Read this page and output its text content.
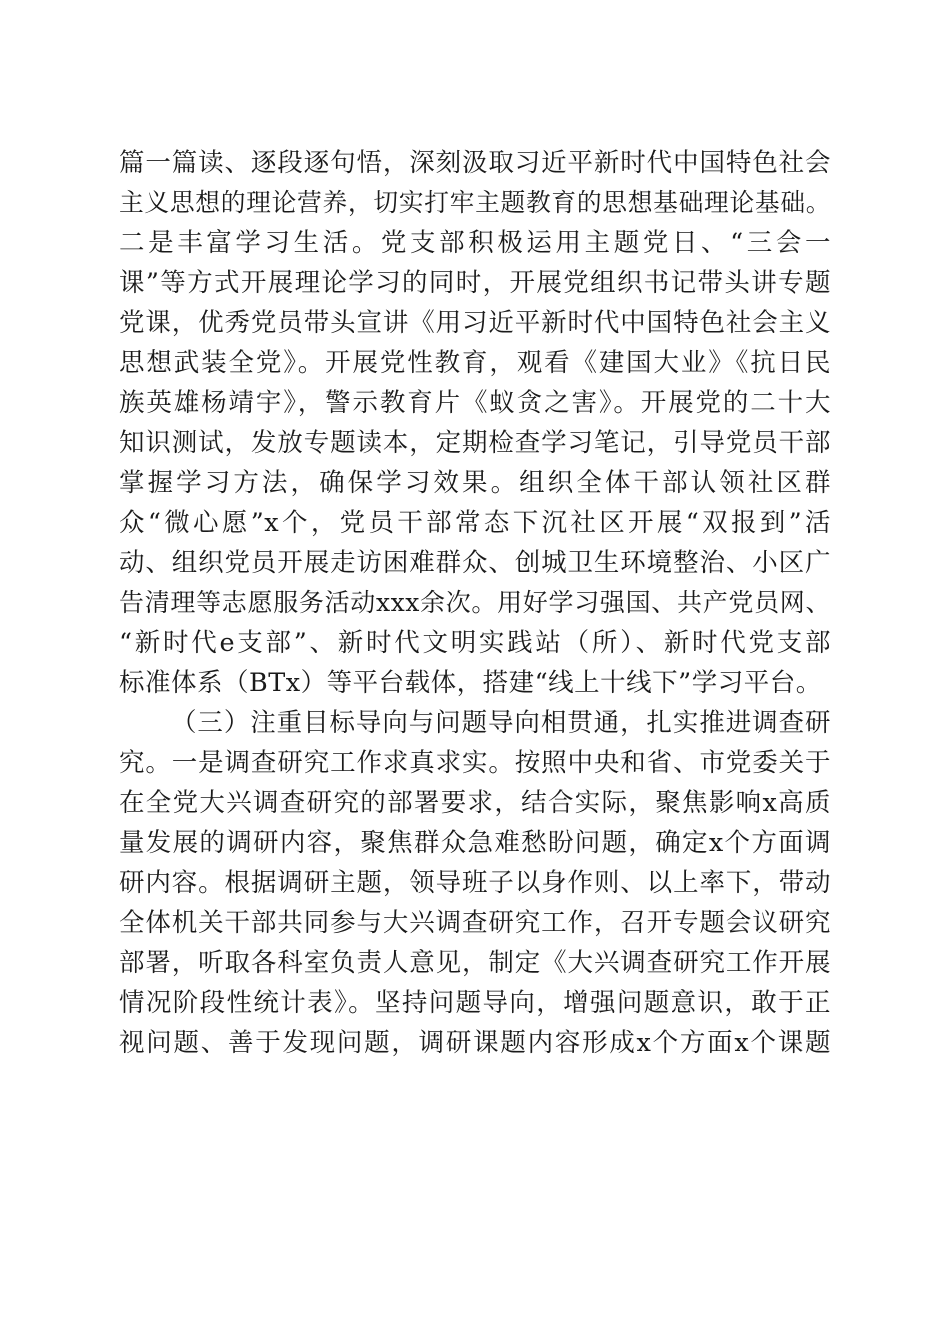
篇一篇读、逐段逐句悟，深刻汲取习近平新时代中国特色社会
主义思想的理论营养，切实打牢主题教育的思想基础理论基础。
二是丰富学习生活。党支部积极运用主题党日、“三会一
课”等方式开展理论学习的同时，开展党组织书记带头讲专题
党课，优秀党员带头宣讲《用习近平新时代中国特色社会主义
思想武装全党》。开展党性教育，观看《建国大业》《抗日民
族英雄杨靖宇》，警示教育片《蚁贪之害》。开展党的二十大
知识测试，发放专题读本，定期检查学习笔记，引导党员干部
掌握学习方法，确保学习效果。组织全体干部认领社区群
众“微心愿”x个，党员干部常态下沉社区开展“双报到”活
动、组织党员开展走访困难群众、创城卫生环境整治、小区广
告清理等志愿服务活动xxx余次。用好学习强国、共产党员网、
“新时代e支部”、新时代文明实践站（所）、新时代党支部
标准体系（BTx）等平台载体，搭建“线上十线下”学习平台。
（三）注重目标导向与问题导向相贯通，扎实推进调查研
究。一是调查研究工作求真求实。按照中央和省、市党委关于
在全党大兴调查研究的部署要求，结合实际，聚焦影响x高质
量发展的调研内容，聚焦群众急难愁盼问题，确定x个方面调
研内容。根据调研主题，领导班子以身作则、以上率下，带动
全体机关干部共同参与大兴调查研究工作，召开专题会议研究
部署，听取各科室负责人意见，制定《大兴调查研究工作开展
情况阶段性统计表》。坚持问题导向，增强问题意识，敢于正
视问题、善于发现问题，调研课题内容形成x个方面x个课题
